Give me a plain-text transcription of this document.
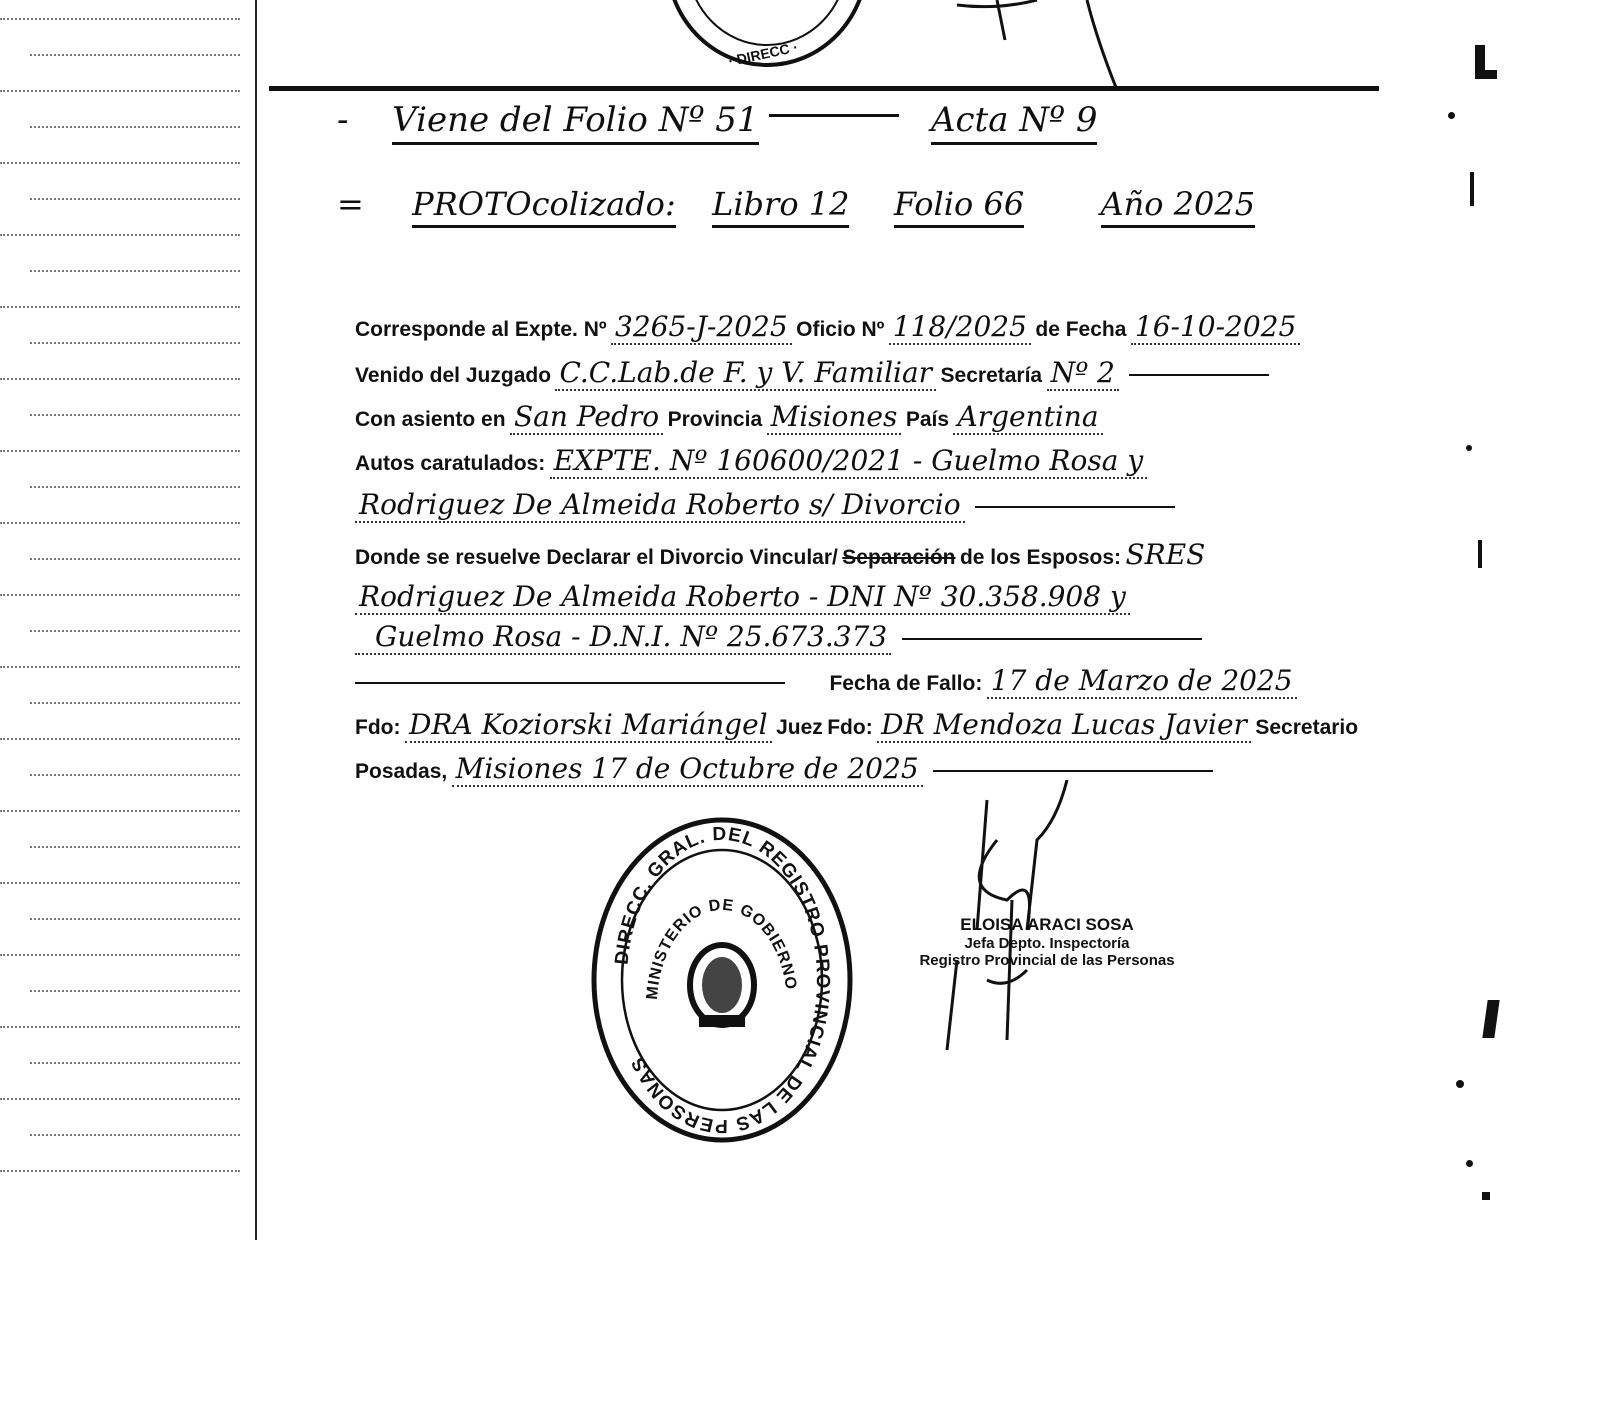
· DIRECC ·
- Viene del Folio Nº 51	Acta Nº 9
= PROTOcolizado: Libro 12 Folio 66 Año 2025
Corresponde al Expte. Nº 3265-J-2025 Oficio Nº 118/2025 de Fecha 16-10-2025
Venido del Juzgado C.C.Lab.de F. y V. Familiar Secretaría Nº 2
Con asiento en San Pedro Provincia Misiones País Argentina
Autos caratulados: EXPTE. Nº 160600/2021 - Guelmo Rosa y
Rodriguez De Almeida Roberto s/ Divorcio
Donde se resuelve Declarar el Divorcio Vincular/ Separación de los Esposos: SRES
Rodriguez De Almeida Roberto - DNI Nº 30.358.908 y
Guelmo Rosa - D.N.I. Nº 25.673.373
Fecha de Fallo: 17 de Marzo de 2025
Fdo: DRA Koziorski Mariángel Juez Fdo: DR Mendoza Lucas Javier Secretario
Posadas, Misiones 17 de Octubre de 2025
DIRECC. GRAL. DEL REGISTRO PROVINCIAL DE LAS PERSONAS
MINISTERIO DE GOBIERNO
ELOISA ARACI SOSA
Jefa Depto. Inspectoría
Registro Provincial de las Personas
